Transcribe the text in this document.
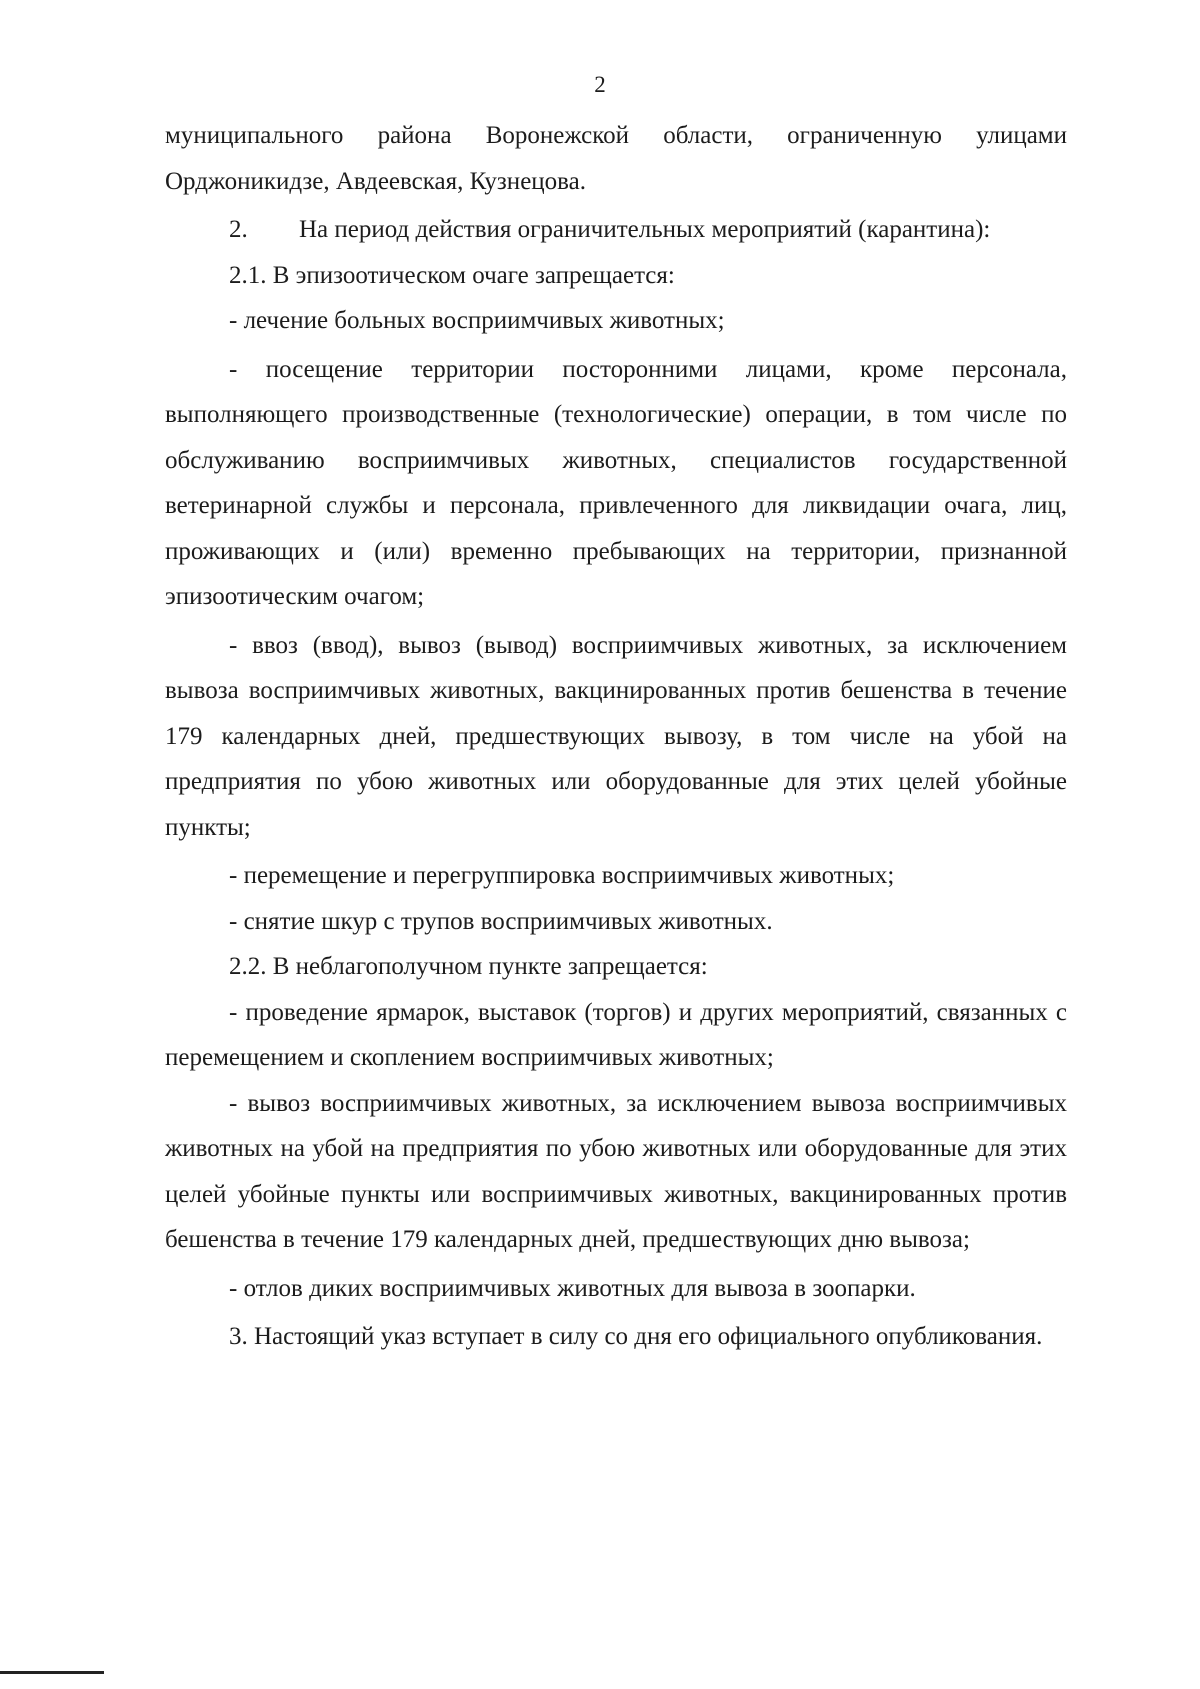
2

муниципального района Воронежской области, ограниченную улицами Орджоникидзе, Авдеевская, Кузнецова.

2.	На период действия ограничительных мероприятий (карантина):

2.1. В эпизоотическом очаге запрещается:

- лечение больных восприимчивых животных;

- посещение территории посторонними лицами, кроме персонала, выполняющего производственные (технологические) операции, в том числе по обслуживанию восприимчивых животных, специалистов государственной ветеринарной службы и персонала, привлеченного для ликвидации очага, лиц, проживающих и (или) временно пребывающих на территории, признанной эпизоотическим очагом;

- ввоз (ввод), вывоз (вывод) восприимчивых животных, за исключением вывоза восприимчивых животных, вакцинированных против бешенства в течение 179 календарных дней, предшествующих вывозу, в том числе на убой на предприятия по убою животных или оборудованные для этих целей убойные пункты;

- перемещение и перегруппировка восприимчивых животных;

- снятие шкур с трупов восприимчивых животных.

2.2. В неблагополучном пункте запрещается:

- проведение ярмарок, выставок (торгов) и других мероприятий, связанных с перемещением и скоплением восприимчивых животных;

- вывоз восприимчивых животных, за исключением вывоза восприимчивых животных на убой на предприятия по убою животных или оборудованные для этих целей убойные пункты или восприимчивых животных, вакцинированных против бешенства в течение 179 календарных дней, предшествующих дню вывоза;

- отлов диких восприимчивых животных для вывоза в зоопарки.

3. Настоящий указ вступает в силу со дня его официального опубликования.
